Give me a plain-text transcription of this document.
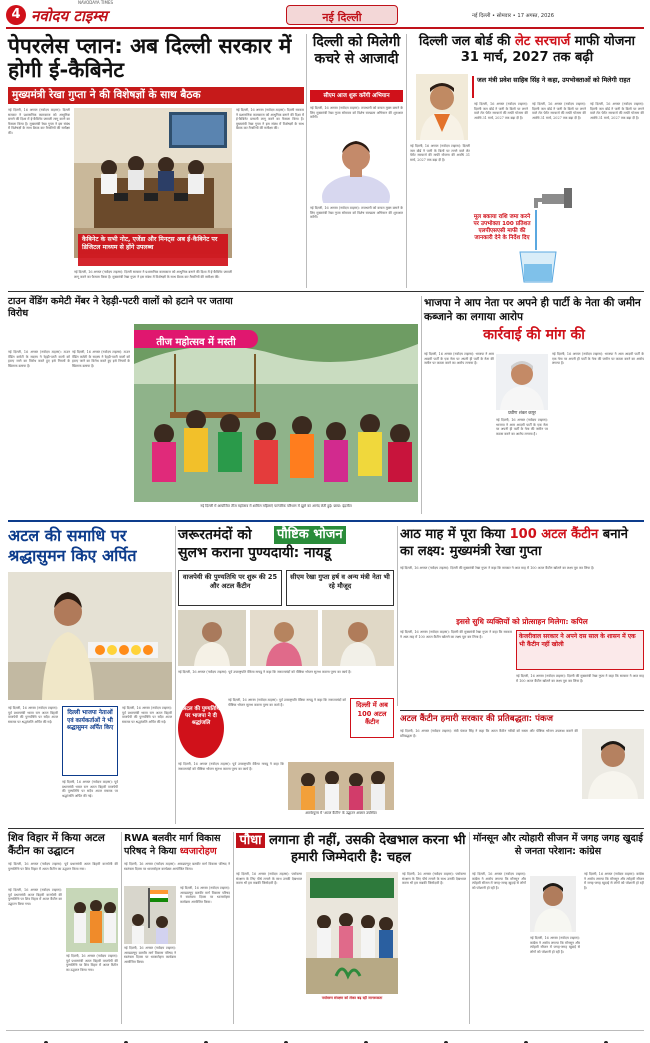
4 नवोदय टाइम्स
NAVODAYA TIMES
नई दिल्ली	नई दिल्ली • सोमवार • 17 अगस्त, 2026
पेपरलेस प्लान: अब दिल्ली सरकार में होगी ई-कैबिनेट
मुख्यमंत्री रेखा गुप्ता ने की विशेषज्ञों के साथ बैठक
नई दिल्ली, 16 अगस्त (नवोदय टाइम्स): दिल्ली सरकार ने प्रशासनिक कामकाज को आधुनिक बनाने की दिशा में ई-कैबिनेट प्रणाली लागू करने का फैसला किया है। मुख्यमंत्री रेखा गुप्ता ने इस संबंध में विशेषज्ञों के साथ बैठक कर तैयारियों की समीक्षा की।
कैबिनेट के सभी नोट, एजेंडा और मिनट्स अब ई-कैबिनेट पर डिजिटल माध्यम से होंगे उपलब्ध
नई दिल्ली, 16 अगस्त (नवोदय टाइम्स): दिल्ली सरकार ने प्रशासनिक कामकाज को आधुनिक बनाने की दिशा में ई-कैबिनेट प्रणाली लागू करने का फैसला किया है। मुख्यमंत्री रेखा गुप्ता ने इस संबंध में विशेषज्ञों के साथ बैठक कर तैयारियों की समीक्षा की।
नई दिल्ली, 16 अगस्त (नवोदय टाइम्स): दिल्ली सरकार ने प्रशासनिक कामकाज को आधुनिक बनाने की दिशा में ई-कैबिनेट प्रणाली लागू करने का फैसला किया है। मुख्यमंत्री रेखा गुप्ता ने इस संबंध में विशेषज्ञों के साथ बैठक कर तैयारियों की समीक्षा की।
दिल्ली को मिलेगी कचरे से आजादी
सीएम आज शुरू करेंगी अभियान
नई दिल्ली, 16 अगस्त (नवोदय टाइम्स): राजधानी को कचरा मुक्त बनाने के लिए मुख्यमंत्री रेखा गुप्ता सोमवार को विशेष स्वच्छता अभियान की शुरुआत करेंगी।
नई दिल्ली, 16 अगस्त (नवोदय टाइम्स): राजधानी को कचरा मुक्त बनाने के लिए मुख्यमंत्री रेखा गुप्ता सोमवार को विशेष स्वच्छता अभियान की शुरुआत करेंगी।
दिल्ली जल बोर्ड की लेट सरचार्ज माफी योजना 31 मार्च, 2027 तक बढ़ी
जल मंत्री प्रवेश साहिब सिंह ने कहा, उपभोक्ताओं को मिलेगी राहत
नई दिल्ली, 16 अगस्त (नवोदय टाइम्स): दिल्ली जल बोर्ड ने पानी के बिलों पर लगने वाले लेट पेमेंट सरचार्ज की माफी योजना की अवधि 31 मार्च, 2027 तक बढ़ा दी है।
नई दिल्ली, 16 अगस्त (नवोदय टाइम्स): दिल्ली जल बोर्ड ने पानी के बिलों पर लगने वाले लेट पेमेंट सरचार्ज की माफी योजना की अवधि 31 मार्च, 2027 तक बढ़ा दी है।
नई दिल्ली, 16 अगस्त (नवोदय टाइम्स): दिल्ली जल बोर्ड ने पानी के बिलों पर लगने वाले लेट पेमेंट सरचार्ज की माफी योजना की अवधि 31 मार्च, 2027 तक बढ़ा दी है।
नई दिल्ली, 16 अगस्त (नवोदय टाइम्स): दिल्ली जल बोर्ड ने पानी के बिलों पर लगने वाले लेट पेमेंट सरचार्ज की माफी योजना की अवधि 31 मार्च, 2027 तक बढ़ा दी है।
मूल बकाया राशि जमा करने पर उपभोक्ता 100 प्रतिशत एलपीएसएसी माफी की जानकारी देने के निर्देश दिए
टाउन वेंडिंग कमेटी मेंबर ने रेहड़ी-पटरी वालों को हटाने पर जताया विरोध
नई दिल्ली, 16 अगस्त (नवोदय टाइम्स): टाउन वेंडिंग कमेटी के सदस्य ने रेहड़ी-पटरी वालों को हटाए जाने का विरोध करते हुए इसे नियमों के खिलाफ बताया है।
नई दिल्ली, 16 अगस्त (नवोदय टाइम्स): टाउन वेंडिंग कमेटी के सदस्य ने रेहड़ी-पटरी वालों को हटाए जाने का विरोध करते हुए इसे नियमों के खिलाफ बताया है।
तीज महोत्सव में मस्ती
नई दिल्ली में आयोजित तीज महोत्सव में शामिल महिलाएं पारंपरिक परिधान में झूले का आनंद लेती हुई। छाया: इंद्रजीत
भाजपा ने आप नेता पर अपने ही पार्टी के नेता की जमीन कब्जाने का लगाया आरोप
कार्रवाई की मांग की
नई दिल्ली, 16 अगस्त (नवोदय टाइम्स): भाजपा ने आम आदमी पार्टी के एक नेता पर अपनी ही पार्टी के नेता की जमीन पर कब्जा करने का आरोप लगाया है।
प्रवीण शंकर कपूर
नई दिल्ली, 16 अगस्त (नवोदय टाइम्स): भाजपा ने आम आदमी पार्टी के एक नेता पर अपनी ही पार्टी के नेता की जमीन पर कब्जा करने का आरोप लगाया है।
नई दिल्ली, 16 अगस्त (नवोदय टाइम्स): भाजपा ने आम आदमी पार्टी के एक नेता पर अपनी ही पार्टी के नेता की जमीन पर कब्जा करने का आरोप लगाया है।
अटल की समाधि पर श्रद्धासुमन किए अर्पित
नई दिल्ली, 16 अगस्त (नवोदय टाइम्स): पूर्व प्रधानमंत्री भारत रत्न अटल बिहारी वाजपेयी की पुण्यतिथि पर सदैव अटल स्मारक पर श्रद्धांजलि अर्पित की गई।
दिल्ली भाजपा नेताओं एवं कार्यकर्ताओं ने भी श्रद्धासुमन अर्पित किए
नई दिल्ली, 16 अगस्त (नवोदय टाइम्स): पूर्व प्रधानमंत्री भारत रत्न अटल बिहारी वाजपेयी की पुण्यतिथि पर सदैव अटल स्मारक पर श्रद्धांजलि अर्पित की गई।
नई दिल्ली, 16 अगस्त (नवोदय टाइम्स): पूर्व प्रधानमंत्री भारत रत्न अटल बिहारी वाजपेयी की पुण्यतिथि पर सदैव अटल स्मारक पर श्रद्धांजलि अर्पित की गई।
जरूरतमंदों को पौष्टिक भोजन

सुलभ कराना पुण्यदायी: नायडू
वाजपेयी की पुण्यतिथि पर शुरू की 25 और अटल कैंटीन
सीएम रेखा गुप्ता हर्ष व अन्य मंत्री नेता भी रहे मौजूद
नई दिल्ली, 16 अगस्त (नवोदय टाइम्स): पूर्व उपराष्ट्रपति वेंकैया नायडू ने कहा कि जरूरतमंदों को पौष्टिक भोजन सुलभ कराना पुण्य का कार्य है।
अटल की पुण्यतिथि पर भाजपा ने दी श्रद्धांजलि
नई दिल्ली, 16 अगस्त (नवोदय टाइम्स): पूर्व उपराष्ट्रपति वेंकैया नायडू ने कहा कि जरूरतमंदों को पौष्टिक भोजन सुलभ कराना पुण्य का कार्य है।	दिल्ली में अब 100 अटल कैंटीन
नई दिल्ली, 16 अगस्त (नवोदय टाइम्स): पूर्व उपराष्ट्रपति वेंकैया नायडू ने कहा कि जरूरतमंदों को पौष्टिक भोजन सुलभ कराना पुण्य का कार्य है।
आरकेपुरम में 'अटल कैंटीन' के उद्घाटन अवसर उपस्थित
आठ माह में पूरा किया 100 अटल कैंटीन बनाने का लक्ष्य: मुख्यमंत्री रेखा गुप्ता
नई दिल्ली, 16 अगस्त (नवोदय टाइम्स): दिल्ली की मुख्यमंत्री रेखा गुप्ता ने कहा कि सरकार ने आठ माह में 100 अटल कैंटीन खोलने का लक्ष्य पूरा कर लिया है।
इससे सुधि व्यक्तियों को प्रोत्साहन मिलेगा: कपिल
नई दिल्ली, 16 अगस्त (नवोदय टाइम्स): दिल्ली की मुख्यमंत्री रेखा गुप्ता ने कहा कि सरकार ने आठ माह में 100 अटल कैंटीन खोलने का लक्ष्य पूरा कर लिया है।	केजरीवाल सरकार ने अपने दस साल के शासन में एक भी कैंटीन नहीं खोली
नई दिल्ली, 16 अगस्त (नवोदय टाइम्स): दिल्ली की मुख्यमंत्री रेखा गुप्ता ने कहा कि सरकार ने आठ माह में 100 अटल कैंटीन खोलने का लक्ष्य पूरा कर लिया है।
अटल कैंटीन हमारी सरकार की प्रतिबद्धता: पंकज
नई दिल्ली, 16 अगस्त (नवोदय टाइम्स): मंत्री पंकज सिंह ने कहा कि अटल कैंटीन गरीबों को सस्ता और पौष्टिक भोजन उपलब्ध कराने की प्रतिबद्धता है।
शिव विहार में किया अटल कैंटीन का उद्घाटन
नई दिल्ली, 16 अगस्त (नवोदय टाइम्स): पूर्व प्रधानमंत्री अटल बिहारी वाजपेयी की पुण्यतिथि पर शिव विहार में अटल कैंटीन का उद्घाटन किया गया।
नई दिल्ली, 16 अगस्त (नवोदय टाइम्स): पूर्व प्रधानमंत्री अटल बिहारी वाजपेयी की पुण्यतिथि पर शिव विहार में अटल कैंटीन का उद्घाटन किया गया।
नई दिल्ली, 16 अगस्त (नवोदय टाइम्स): पूर्व प्रधानमंत्री अटल बिहारी वाजपेयी की पुण्यतिथि पर शिव विहार में अटल कैंटीन का उद्घाटन किया गया।
RWA बलवीर मार्ग विकास परिषद ने किया ध्वजारोहण
नई दिल्ली, 16 अगस्त (नवोदय टाइम्स): आरडब्ल्यूए बलवीर मार्ग विकास परिषद ने स्वतंत्रता दिवस पर ध्वजारोहण कार्यक्रम आयोजित किया।
नई दिल्ली, 16 अगस्त (नवोदय टाइम्स): आरडब्ल्यूए बलवीर मार्ग विकास परिषद ने स्वतंत्रता दिवस पर ध्वजारोहण कार्यक्रम आयोजित किया।
नई दिल्ली, 16 अगस्त (नवोदय टाइम्स): आरडब्ल्यूए बलवीर मार्ग विकास परिषद ने स्वतंत्रता दिवस पर ध्वजारोहण कार्यक्रम आयोजित किया।
पौधा लगाना ही नहीं, उसकी देखभाल करना भी हमारी जिम्मेदारी है: चहल
नई दिल्ली, 16 अगस्त (नवोदय टाइम्स): पर्यावरण संरक्षण के लिए पौधे लगाने के साथ उनकी देखभाल करना भी हम सबकी जिम्मेदारी है।
पर्यावरण संरक्षण को लेकर बढ़ रही जागरूकता
नई दिल्ली, 16 अगस्त (नवोदय टाइम्स): पर्यावरण संरक्षण के लिए पौधे लगाने के साथ उनकी देखभाल करना भी हम सबकी जिम्मेदारी है।
मॉनसून और त्योहारी सीजन में जगह जगह खुदाई से जनता परेशान: कांग्रेस
नई दिल्ली, 16 अगस्त (नवोदय टाइम्स): कांग्रेस ने आरोप लगाया कि मॉनसून और त्योहारी सीजन में जगह-जगह खुदाई से लोगों को परेशानी हो रही है।
नई दिल्ली, 16 अगस्त (नवोदय टाइम्स): कांग्रेस ने आरोप लगाया कि मॉनसून और त्योहारी सीजन में जगह-जगह खुदाई से लोगों को परेशानी हो रही है।
नई दिल्ली, 16 अगस्त (नवोदय टाइम्स): कांग्रेस ने आरोप लगाया कि मॉनसून और त्योहारी सीजन में जगह-जगह खुदाई से लोगों को परेशानी हो रही है।
